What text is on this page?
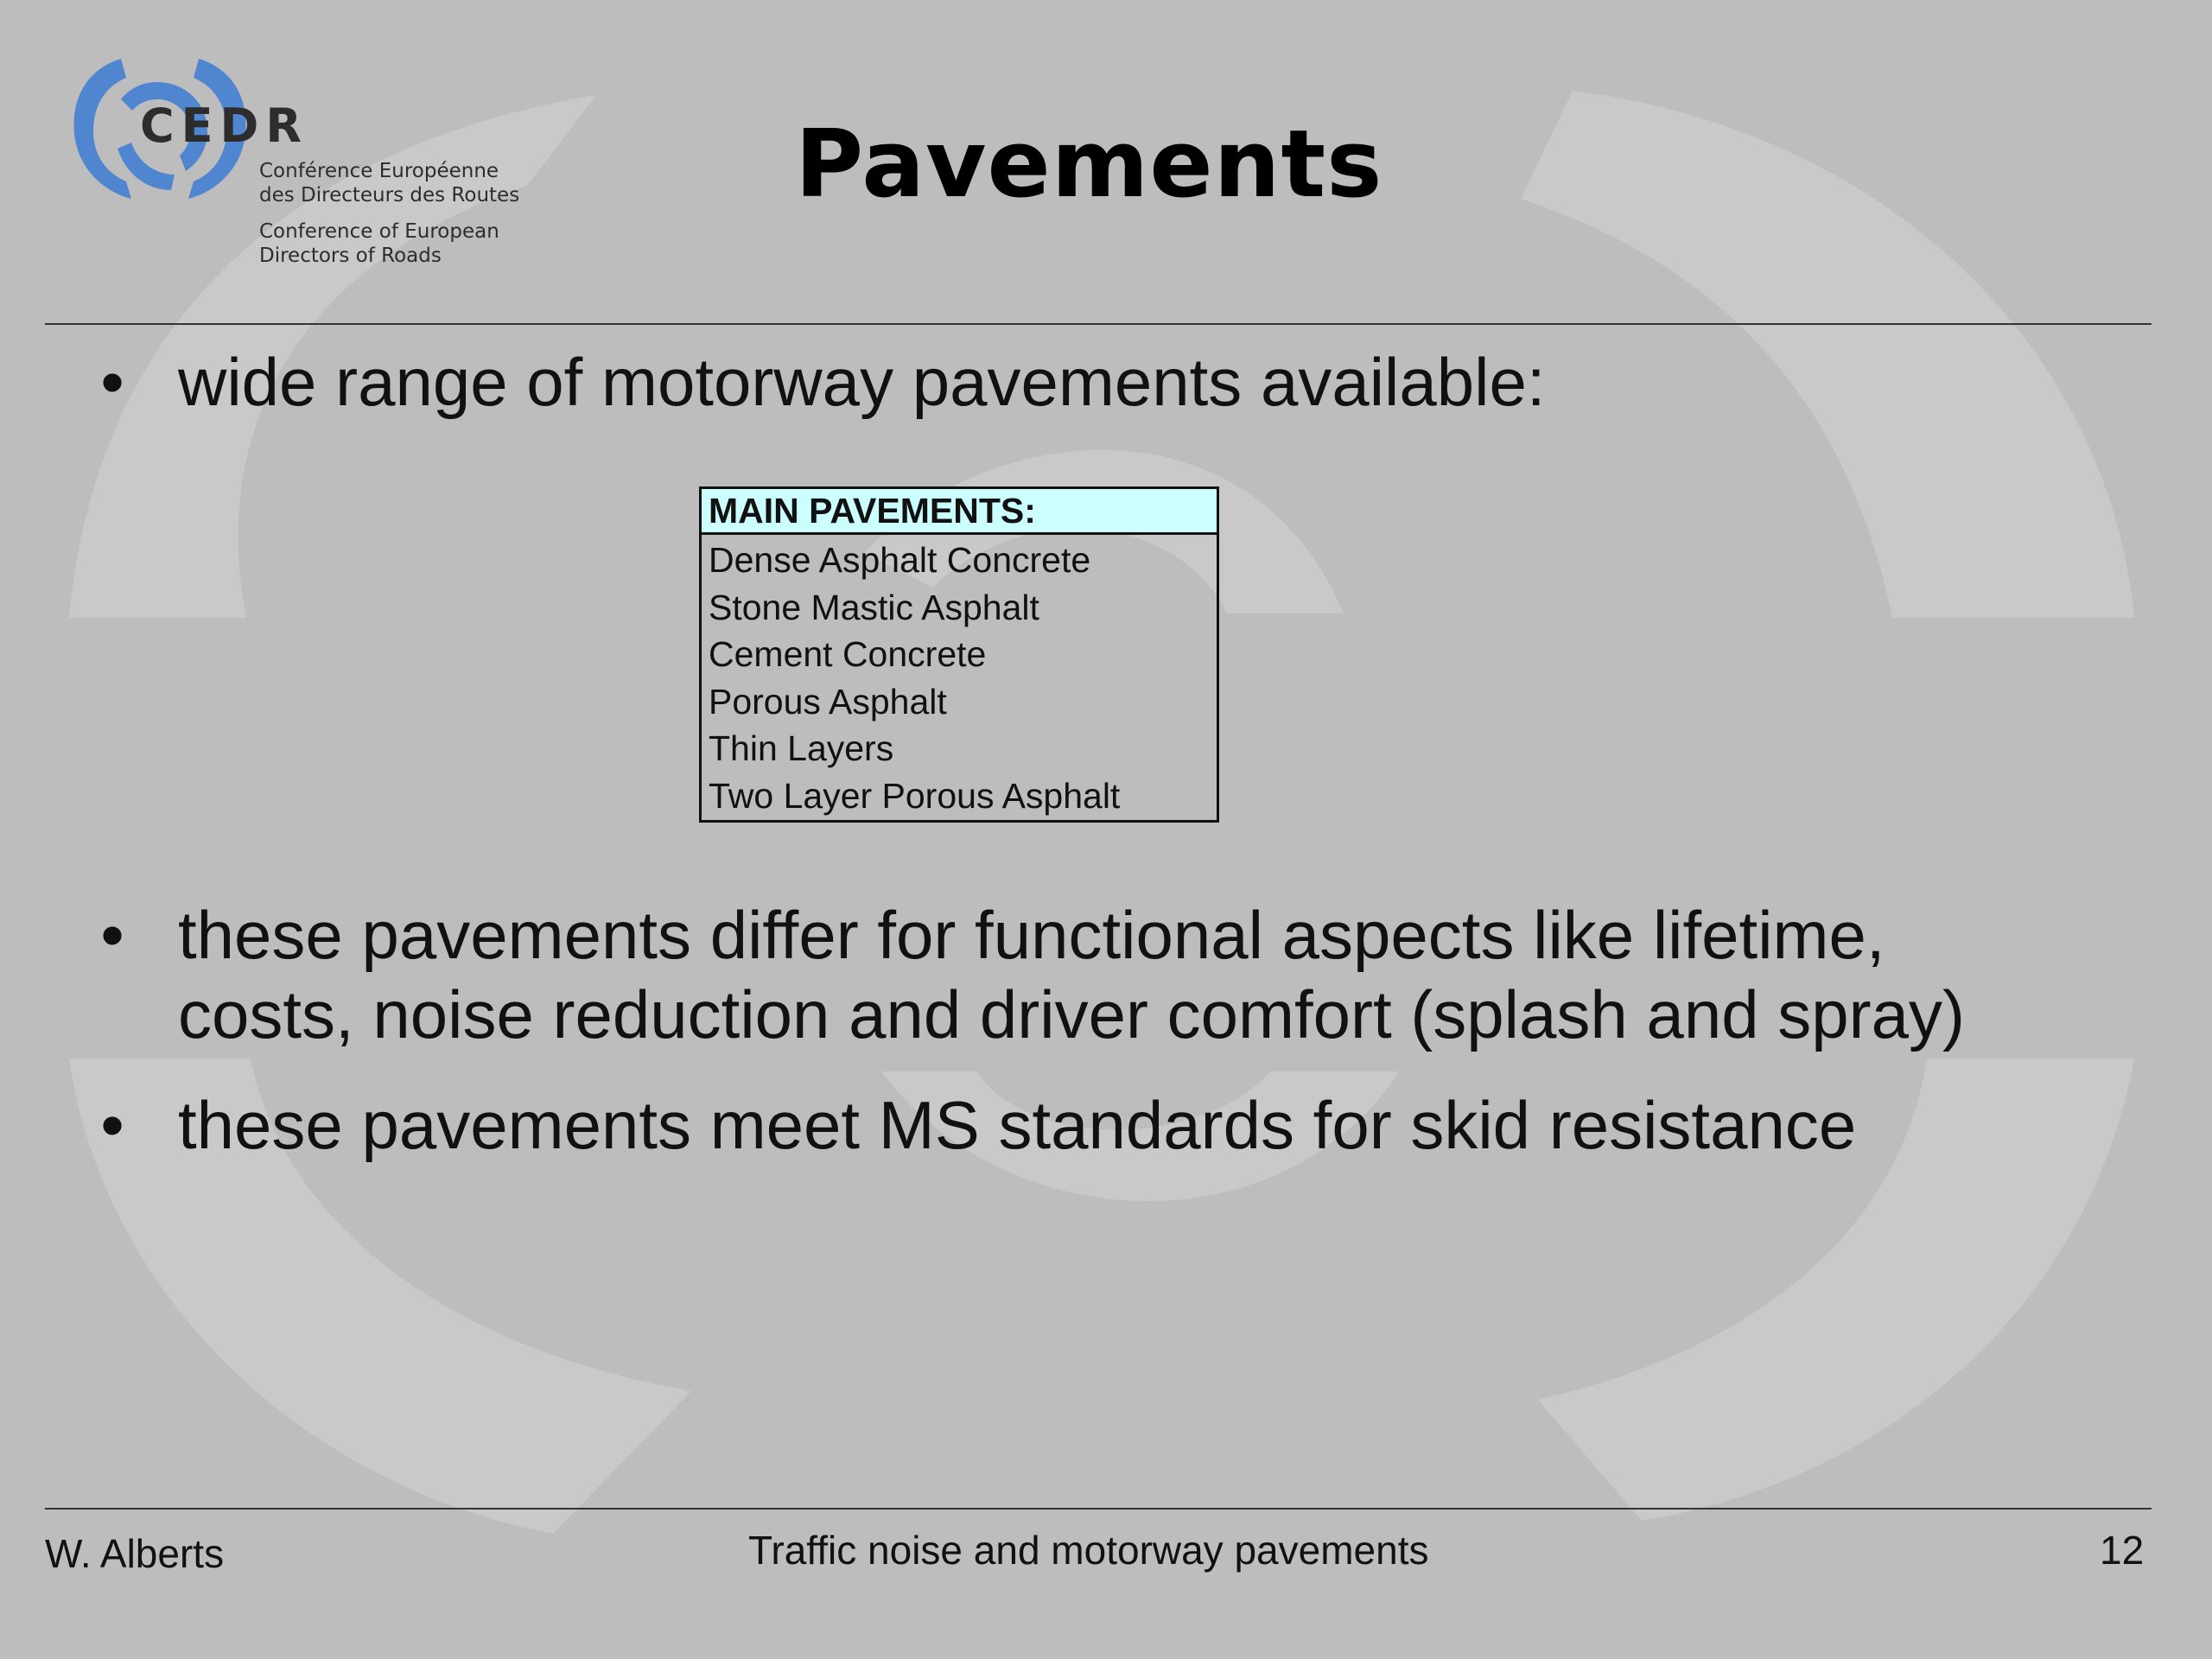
CEDR
Conférence Européenne
des Directeurs des Routes
Conference of European
Directors of Roads
Pavements
• wide range of motorway pavements available:
MAIN PAVEMENTS:
Dense Asphalt Concrete
Stone Mastic Asphalt
Cement Concrete
Porous Asphalt
Thin Layers
Two Layer Porous Asphalt
• these pavements differ for functional aspects like lifetime,
costs, noise reduction and driver comfort (splash and spray)
• these pavements meet MS standards for skid resistance
W. Alberts	Traffic noise and motorway pavements	12
